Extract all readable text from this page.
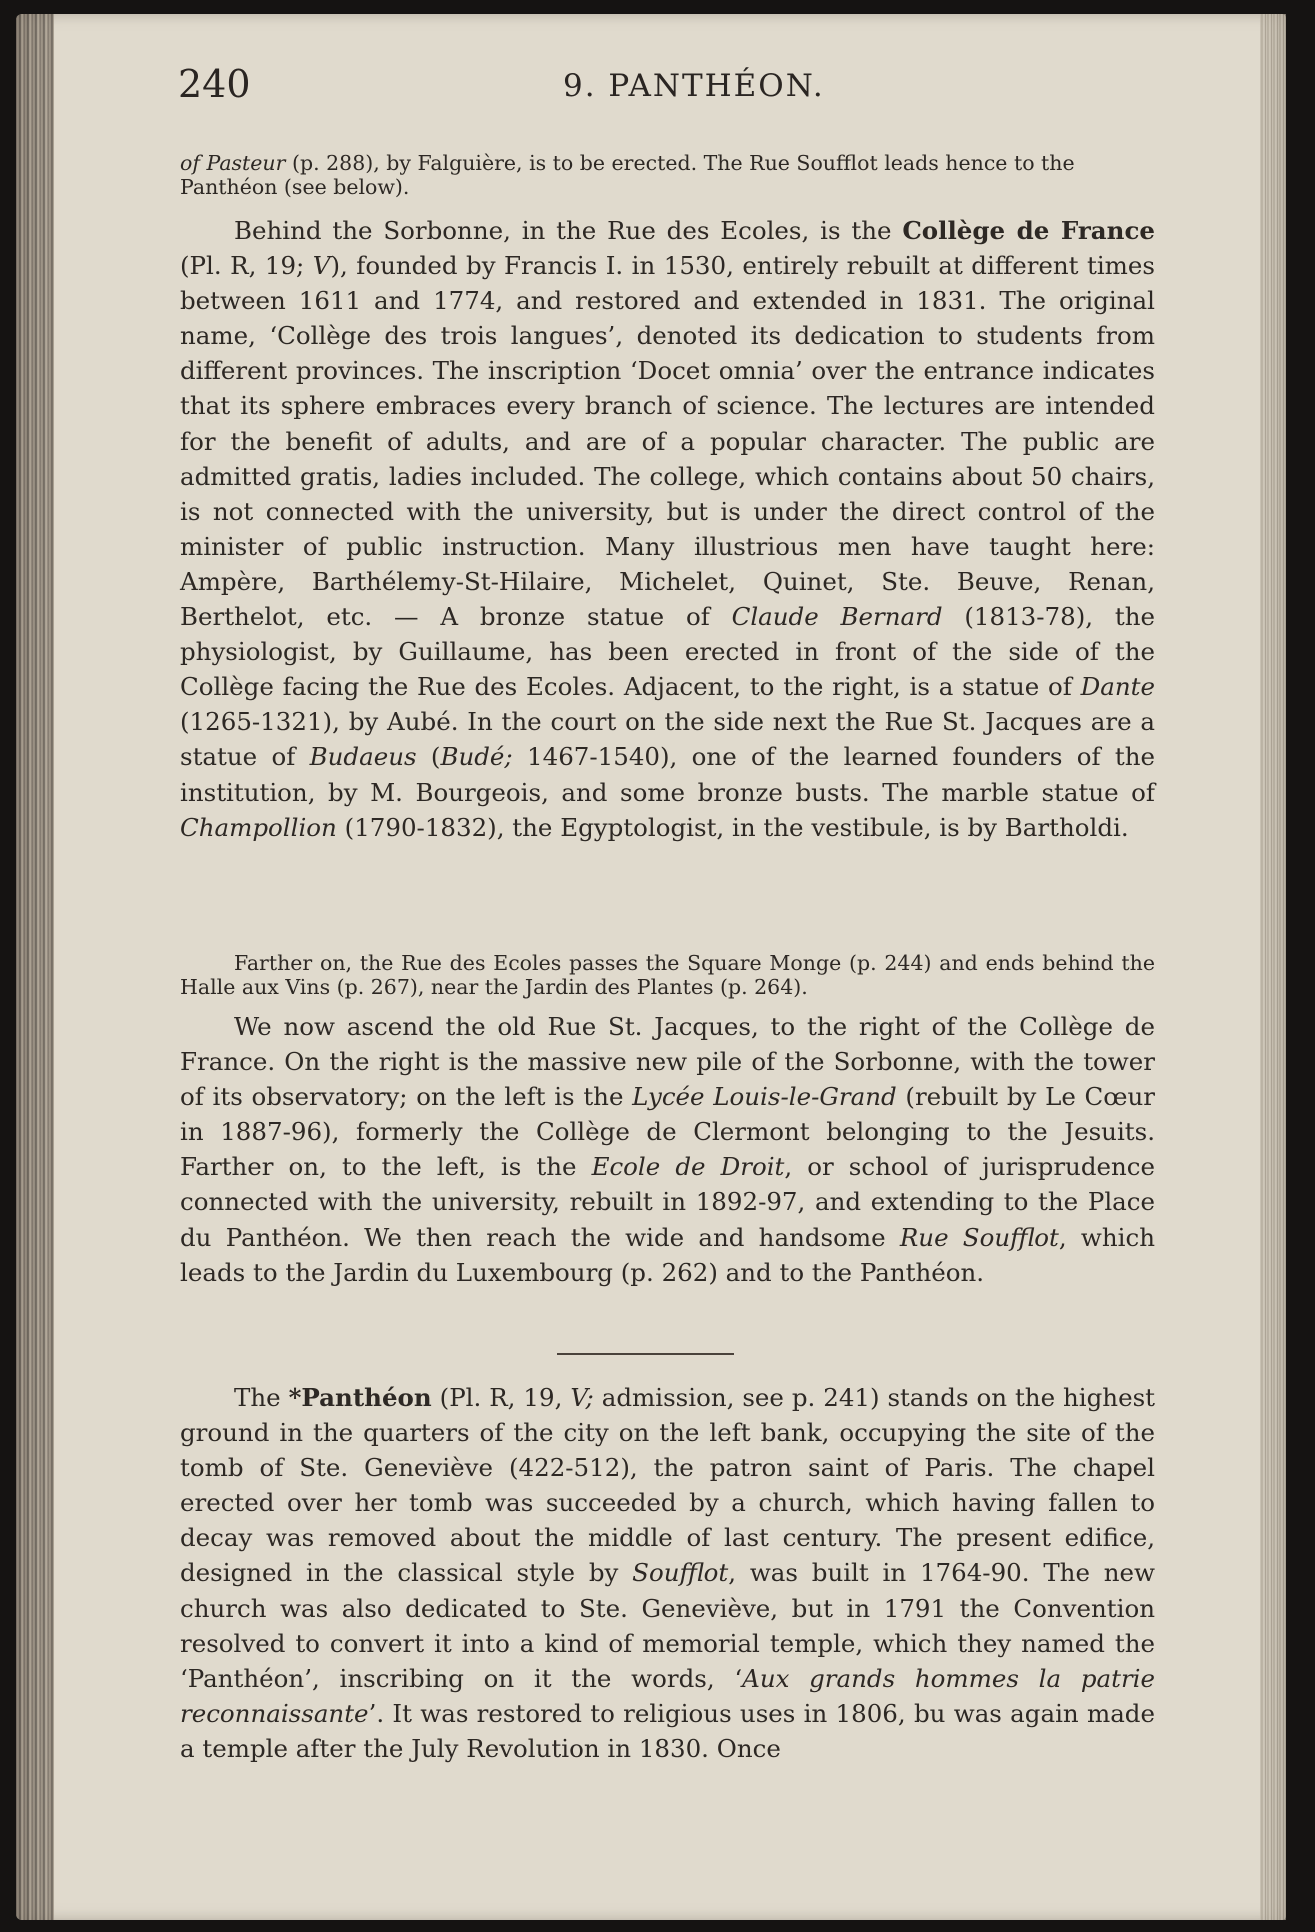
240	9. PANTHÉON.
of Pasteur (p. 288), by Falguière, is to be erected. The Rue Soufflot leads hence to the Panthéon (see below).
Behind the Sorbonne, in the Rue des Ecoles, is the Collège de France (Pl. R, 19; V), founded by Francis I. in 1530, entirely rebuilt at different times between 1611 and 1774, and restored and extended in 1831. The original name, ‘Collège des trois langues’, denoted its dedication to students from different provinces. The inscription ‘Docet omnia’ over the entrance indicates that its sphere embraces every branch of science. The lectures are intended for the benefit of adults, and are of a popular character. The public are admitted gratis, ladies included. The college, which contains about 50 chairs, is not connected with the university, but is under the direct control of the minister of public instruction. Many illustrious men have taught here: Ampère, Barthélemy-St-Hilaire, Michelet, Quinet, Ste. Beuve, Renan, Berthelot, etc. — A bronze statue of Claude Bernard (1813-78), the physiologist, by Guillaume, has been erected in front of the side of the Collège facing the Rue des Ecoles. Adjacent, to the right, is a statue of Dante (1265-1321), by Aubé. In the court on the side next the Rue St. Jacques are a statue of Budaeus (Budé; 1467-1540), one of the learned founders of the institution, by M. Bourgeois, and some bronze busts. The marble statue of Champollion (1790-1832), the Egyptologist, in the vestibule, is by Bartholdi.
Farther on, the Rue des Ecoles passes the Square Monge (p. 244) and ends behind the Halle aux Vins (p. 267), near the Jardin des Plantes (p. 264).
We now ascend the old Rue St. Jacques, to the right of the Collège de France. On the right is the massive new pile of the Sorbonne, with the tower of its observatory; on the left is the Lycée Louis-le-Grand (rebuilt by Le Cœur in 1887-96), formerly the Collège de Clermont belonging to the Jesuits. Farther on, to the left, is the Ecole de Droit, or school of jurisprudence connected with the university, rebuilt in 1892-97, and extending to the Place du Panthéon. We then reach the wide and handsome Rue Soufflot, which leads to the Jardin du Luxembourg (p. 262) and to the Panthéon.
The *Panthéon (Pl. R, 19, V; admission, see p. 241) stands on the highest ground in the quarters of the city on the left bank, occupying the site of the tomb of Ste. Geneviève (422-512), the patron saint of Paris. The chapel erected over her tomb was succeeded by a church, which having fallen to decay was removed about the middle of last century. The present edifice, designed in the classical style by Soufflot, was built in 1764-90. The new church was also dedicated to Ste. Geneviève, but in 1791 the Convention resolved to convert it into a kind of memorial temple, which they named the ‘Panthéon’, inscribing on it the words, ‘Aux grands hommes la patrie reconnaissante’. It was restored to religious uses in 1806, bu was again made a temple after the July Revolution in 1830. Once
